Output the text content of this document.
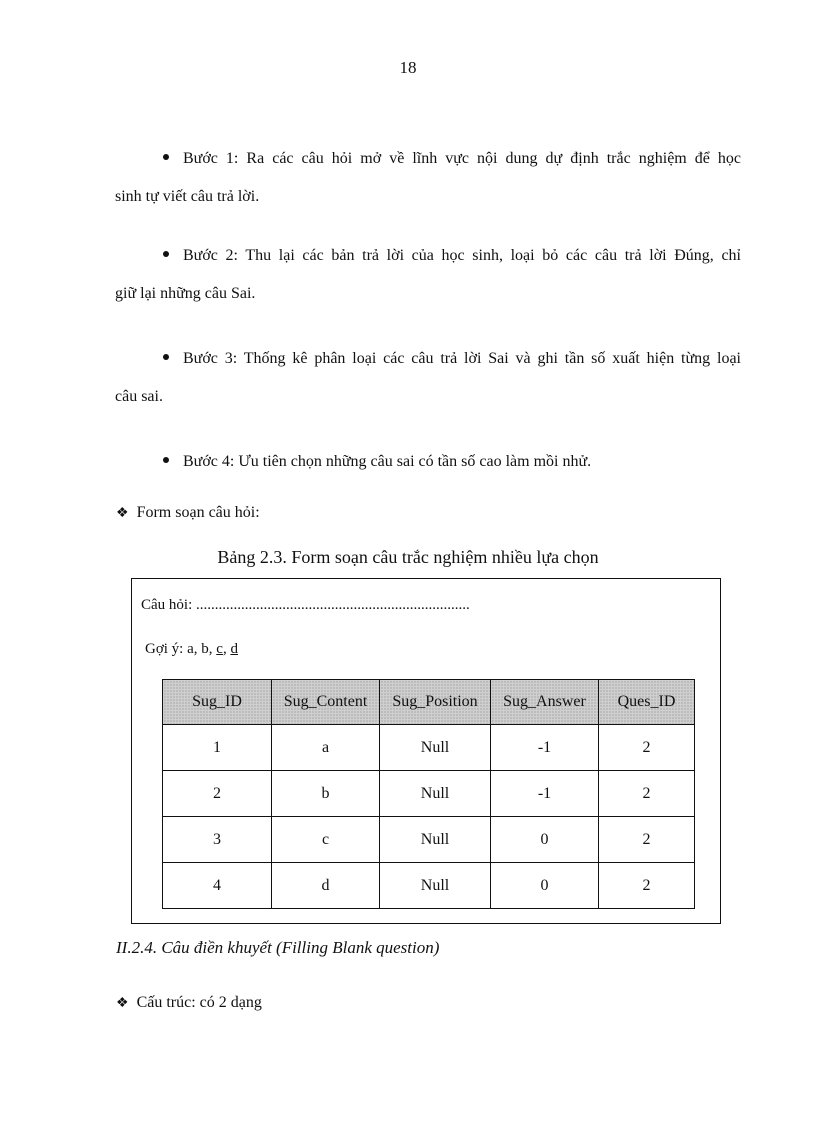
18
Bước 1: Ra các câu hỏi mở về lĩnh vực nội dung dự định trắc nghiệm để học
sinh tự viết câu trả lời.
Bước 2: Thu lại các bản trả lời của học sinh, loại bỏ các câu trả lời Đúng, chỉ
giữ lại những câu Sai.
Bước 3: Thống kê phân loại các câu trả lời Sai và ghi tần số xuất hiện từng loại
câu sai.
Bước 4: Ưu tiên chọn những câu sai có tần số cao làm mồi nhử.
❖ Form soạn câu hỏi:
Bảng 2.3. Form soạn câu trắc nghiệm nhiều lựa chọn
Câu hỏi: .........................................................................
Gợi ý: a, b, c, d
Sug_ID	Sug_Content	Sug_Position	Sug_Answer	Ques_ID
1	a	Null	-1	2
2	b	Null	-1	2
3	c	Null	0	2
4	d	Null	0	2
II.2.4. Câu điền khuyết (Filling Blank question)
❖ Cấu trúc: có 2 dạng
